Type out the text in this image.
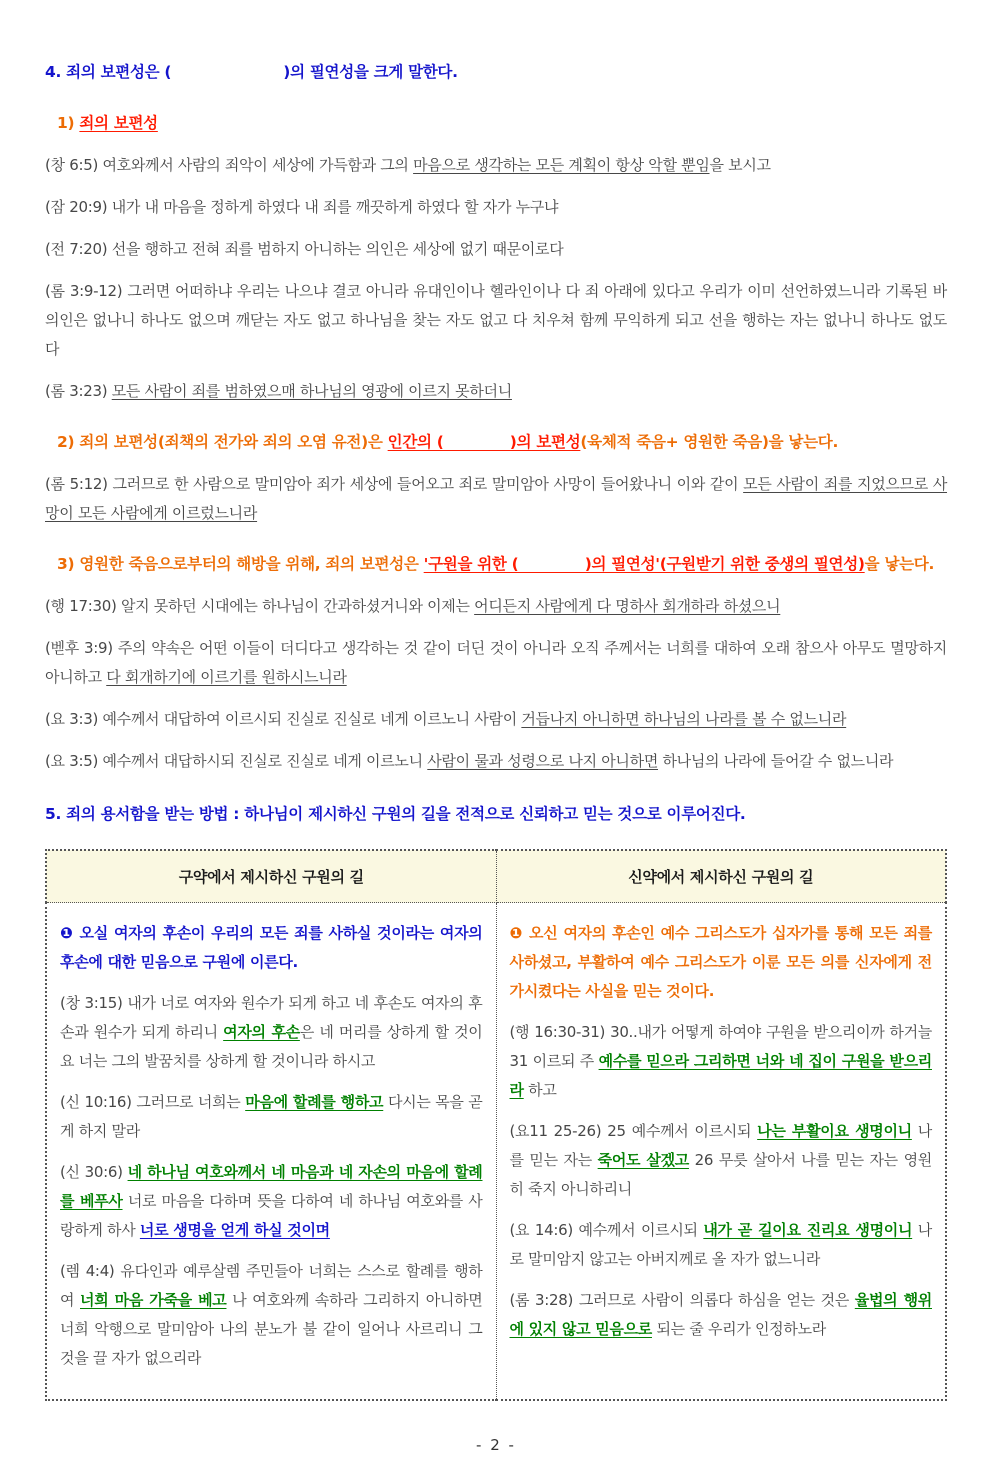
4. 죄의 보편성은 (                      )의 필연성을 크게 말한다.

1) 죄의 보편성

(창 6:5) 여호와께서 사람의 죄악이 세상에 가득함과 그의 마음으로 생각하는 모든 계획이 항상 악할 뿐임을 보시고

(잠 20:9) 내가 내 마음을 정하게 하였다 내 죄를 깨끗하게 하였다 할 자가 누구냐

(전 7:20) 선을 행하고 전혀 죄를 범하지 아니하는 의인은 세상에 없기 때문이로다

(롬 3:9-12) 그러면 어떠하냐 우리는 나으냐 결코 아니라 유대인이나 헬라인이나 다 죄 아래에 있다고 우리가 이미 선언하였느니라 기록된 바 의인은 없나니 하나도 없으며 깨닫는 자도 없고 하나님을 찾는 자도 없고 다 치우쳐 함께 무익하게 되고 선을 행하는 자는 없나니 하나도 없도다

(롬 3:23) 모든 사람이 죄를 범하였으매 하나님의 영광에 이르지 못하더니

2) 죄의 보편성(죄책의 전가와 죄의 오염 유전)은 인간의 (             )의 보편성(육체적 죽음+ 영원한 죽음)을 낳는다.

(롬 5:12) 그러므로 한 사람으로 말미암아 죄가 세상에 들어오고 죄로 말미암아 사망이 들어왔나니 이와 같이 모든 사람이 죄를 지었으므로 사망이 모든 사람에게 이르렀느니라

3) 영원한 죽음으로부터의 해방을 위해, 죄의 보편성은 '구원을 위한 (             )의 필연성'(구원받기 위한 중생의 필연성)을 낳는다.

(행 17:30) 알지 못하던 시대에는 하나님이 간과하셨거니와 이제는 어디든지 사람에게 다 명하사 회개하라 하셨으니

(벧후 3:9) 주의 약속은 어떤 이들이 더디다고 생각하는 것 같이 더딘 것이 아니라 오직 주께서는 너희를 대하여 오래 참으사 아무도 멸망하지 아니하고 다 회개하기에 이르기를 원하시느니라

(요 3:3) 예수께서 대답하여 이르시되 진실로 진실로 네게 이르노니 사람이 거듭나지 아니하면 하나님의 나라를 볼 수 없느니라

(요 3:5) 예수께서 대답하시되 진실로 진실로 네게 이르노니 사람이 물과 성령으로 나지 아니하면 하나님의 나라에 들어갈 수 없느니라

5. 죄의 용서함을 받는 방법 : 하나님이 제시하신 구원의 길을 전적으로 신뢰하고 믿는 것으로 이루어진다.

구약에서 제시하신 구원의 길	신약에서 제시하신 구원의 길

❶ 오실 여자의 후손이 우리의 모든 죄를 사하실 것이라는 여자의 후손에 대한 믿음으로 구원에 이른다.

(창 3:15) 내가 너로 여자와 원수가 되게 하고 네 후손도 여자의 후손과 원수가 되게 하리니 여자의 후손은 네 머리를 상하게 할 것이요 너는 그의 발꿈치를 상하게 할 것이니라 하시고

(신 10:16) 그러므로 너희는 마음에 할례를 행하고 다시는 목을 곧게 하지 말라

(신 30:6) 네 하나님 여호와께서 네 마음과 네 자손의 마음에 할례를 베푸사 너로 마음을 다하며 뜻을 다하여 네 하나님 여호와를 사랑하게 하사 너로 생명을 얻게 하실 것이며

(렘 4:4) 유다인과 예루살렘 주민들아 너희는 스스로 할례를 행하여 너희 마음 가죽을 베고 나 여호와께 속하라 그리하지 아니하면 너희 악행으로 말미암아 나의 분노가 불 같이 일어나 사르리니 그것을 끌 자가 없으리라

❶ 오신 여자의 후손인 예수 그리스도가 십자가를 통해 모든 죄를 사하셨고, 부활하여 예수 그리스도가 이룬 모든 의를 신자에게 전가시켰다는 사실을 믿는 것이다.

(행 16:30-31) 30..내가 어떻게 하여야 구원을 받으리이까 하거늘 31 이르되 주 예수를 믿으라 그리하면 너와 네 집이 구원을 받으리라 하고

(요11 25-26) 25 예수께서 이르시되 나는 부활이요 생명이니 나를 믿는 자는 죽어도 살겠고 26 무릇 살아서 나를 믿는 자는 영원히 죽지 아니하리니

(요 14:6) 예수께서 이르시되 내가 곧 길이요 진리요 생명이니 나로 말미암지 않고는 아버지께로 올 자가 없느니라

(롬 3:28) 그러므로 사람이 의롭다 하심을 얻는 것은 율법의 행위에 있지 않고 믿음으로 되는 줄 우리가 인정하노라

- 2 -
